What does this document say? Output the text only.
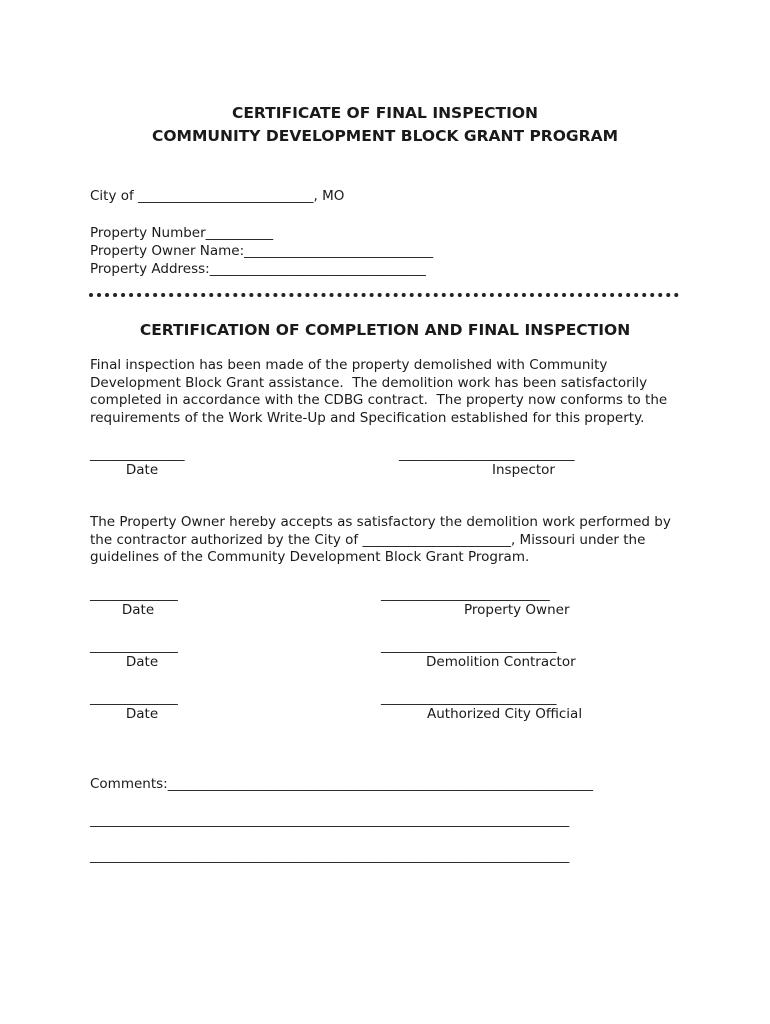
CERTIFICATE OF FINAL INSPECTION

COMMUNITY DEVELOPMENT BLOCK GRANT PROGRAM

City of __________________________, MO

Property Number__________

Property Owner Name:____________________________

Property Address:________________________________

CERTIFICATION OF COMPLETION AND FINAL INSPECTION

Final inspection has been made of the property demolished with Community

Development Block Grant assistance.  The demolition work has been satisfactorily

completed in accordance with the CDBG contract.  The property now conforms to the

requirements of the Work Write-Up and Specification established for this property.

______________

Date

__________________________

Inspector

The Property Owner hereby accepts as satisfactory the demolition work performed by

the contractor authorized by the City of ______________________, Missouri under the

guidelines of the Community Development Block Grant Program.

_____________

Date

_________________________

Property Owner

_____________

Date

__________________________

Demolition Contractor

_____________

Date

__________________________

Authorized City Official

Comments:_______________________________________________________________

_______________________________________________________________________

_______________________________________________________________________
